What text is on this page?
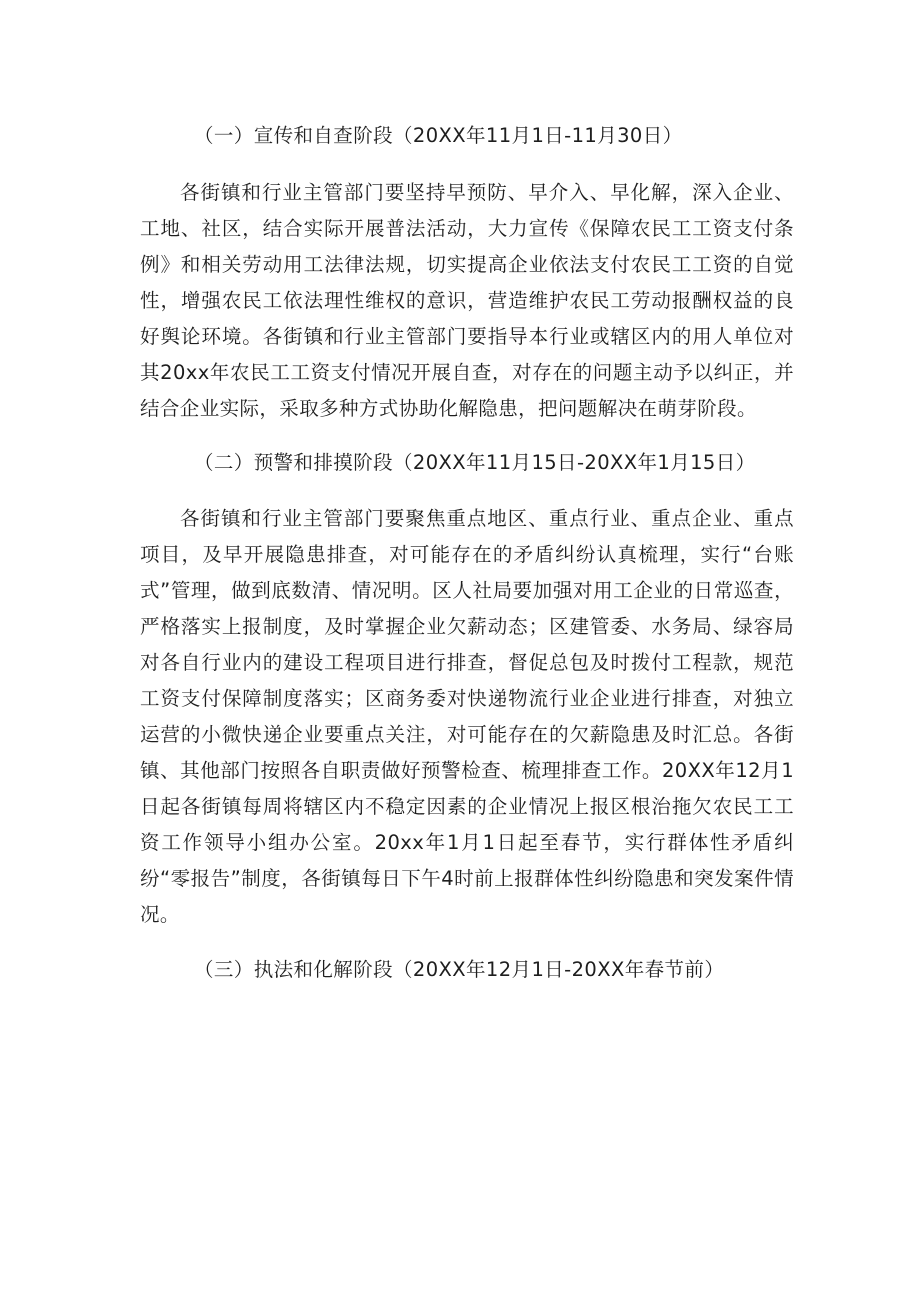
（一）宣传和自查阶段（20XX年11月1日-11月30日）

各街镇和行业主管部门要坚持早预防、早介入、早化解，深入企业、工地、社区，结合实际开展普法活动，大力宣传《保障农民工工资支付条例》和相关劳动用工法律法规，切实提高企业依法支付农民工工资的自觉性，增强农民工依法理性维权的意识，营造维护农民工劳动报酬权益的良好舆论环境。各街镇和行业主管部门要指导本行业或辖区内的用人单位对其20xx年农民工工资支付情况开展自查，对存在的问题主动予以纠正，并结合企业实际，采取多种方式协助化解隐患，把问题解决在萌芽阶段。

（二）预警和排摸阶段（20XX年11月15日-20XX年1月15日）

各街镇和行业主管部门要聚焦重点地区、重点行业、重点企业、重点项目，及早开展隐患排查，对可能存在的矛盾纠纷认真梳理，实行“台账式”管理，做到底数清、情况明。区人社局要加强对用工企业的日常巡查，严格落实上报制度，及时掌握企业欠薪动态；区建管委、水务局、绿容局对各自行业内的建设工程项目进行排查，督促总包及时拨付工程款，规范工资支付保障制度落实；区商务委对快递物流行业企业进行排查，对独立运营的小微快递企业要重点关注，对可能存在的欠薪隐患及时汇总。各街镇、其他部门按照各自职责做好预警检查、梳理排查工作。20XX年12月1日起各街镇每周将辖区内不稳定因素的企业情况上报区根治拖欠农民工工资工作领导小组办公室。20xx年1月1日起至春节，实行群体性矛盾纠纷“零报告”制度，各街镇每日下午4时前上报群体性纠纷隐患和突发案件情况。

（三）执法和化解阶段（20XX年12月1日-20XX年春节前）
